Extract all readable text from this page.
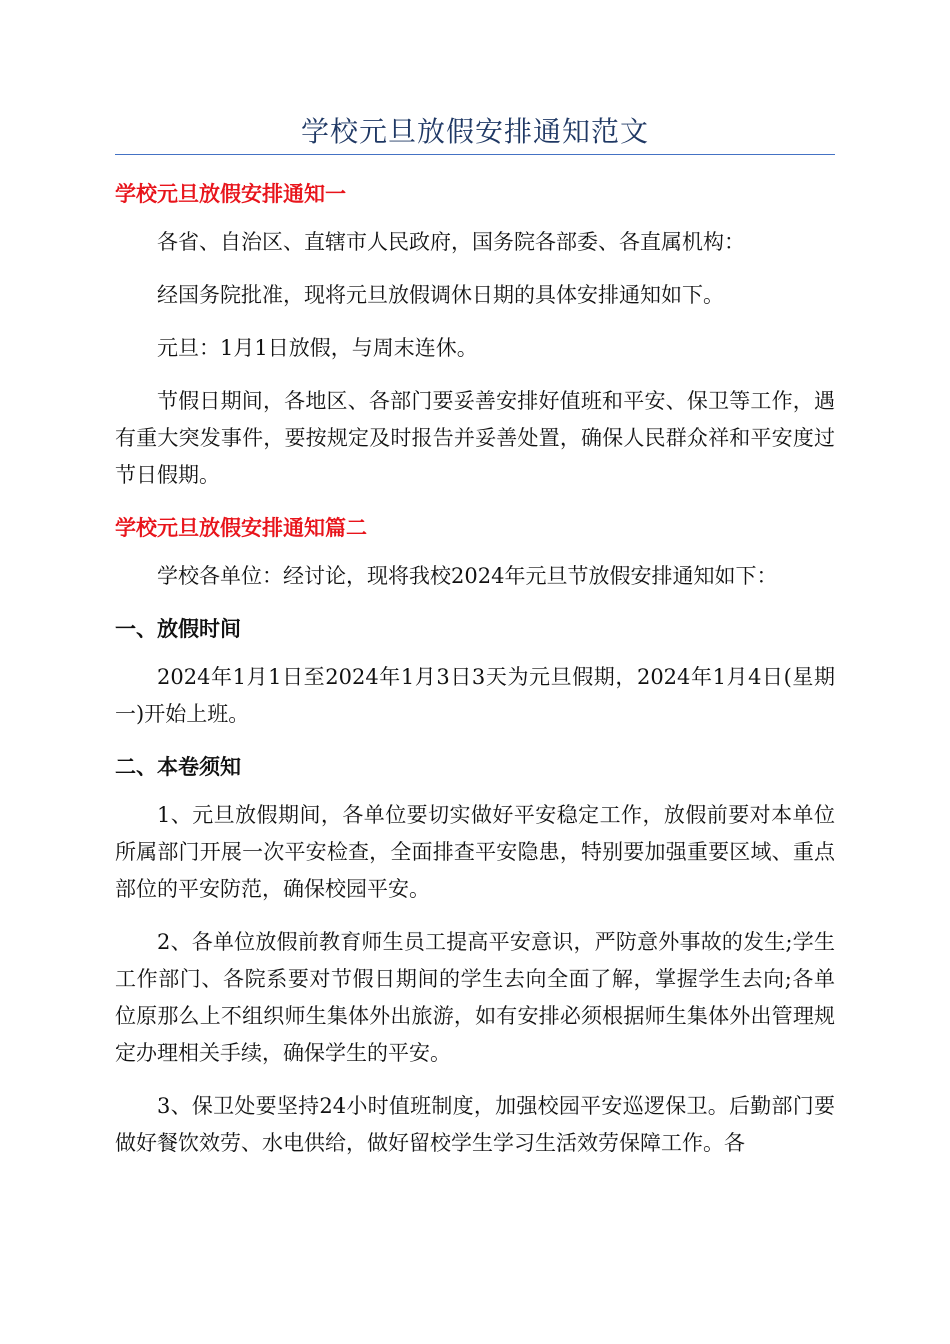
学校元旦放假安排通知范文
学校元旦放假安排通知一

各省、自治区、直辖市人民政府，国务院各部委、各直属机构：

经国务院批准，现将元旦放假调休日期的具体安排通知如下。

元旦：1月1日放假，与周末连休。

节假日期间，各地区、各部门要妥善安排好值班和平安、保卫等工作，遇有重大突发事件，要按规定及时报告并妥善处置，确保人民群众祥和平安度过节日假期。

学校元旦放假安排通知篇二

学校各单位：经讨论，现将我校2024年元旦节放假安排通知如下：

一、放假时间

2024年1月1日至2024年1月3日3天为元旦假期，2024年1月4日(星期一)开始上班。

二、本卷须知

1、元旦放假期间，各单位要切实做好平安稳定工作，放假前要对本单位所属部门开展一次平安检查，全面排查平安隐患，特别要加强重要区域、重点部位的平安防范，确保校园平安。

2、各单位放假前教育师生员工提高平安意识，严防意外事故的发生;学生工作部门、各院系要对节假日期间的学生去向全面了解，掌握学生去向;各单位原那么上不组织师生集体外出旅游，如有安排必须根据师生集体外出管理规定办理相关手续，确保学生的平安。

3、保卫处要坚持24小时值班制度，加强校园平安巡逻保卫。后勤部门要做好餐饮效劳、水电供给，做好留校学生学习生活效劳保障工作。各
